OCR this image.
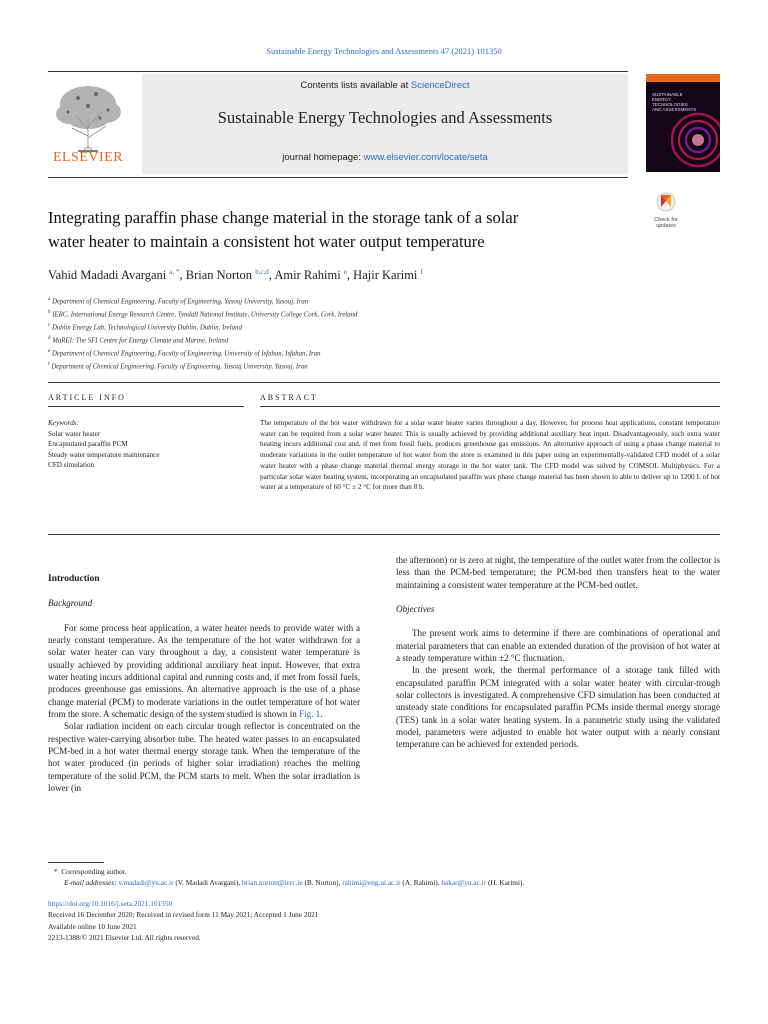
Sustainable Energy Technologies and Assessments 47 (2021) 101350
ELSEVIER
Contents lists available at ScienceDirect
Sustainable Energy Technologies and Assessments
journal homepage: www.elsevier.com/locate/seta
SUSTAINABLE ENERGY TECHNOLOGIES AND ASSESSMENTS
Check for updates
Integrating paraffin phase change material in the storage tank of a solar
water heater to maintain a consistent hot water output temperature
Vahid Madadi Avargani $^{a, *}$, Brian Norton $^{b,c,d}$, Amir Rahimi $^e$, Hajir Karimi $^f$
$^a$ Department of Chemical Engineering, Faculty of Engineering, Yasouj University, Yasouj, Iran
$^b$ IERC, International Energy Research Centre, Tyndall National Institute, University College Cork, Cork, Ireland
$^c$ Dublin Energy Lab, Technological University Dublin, Dublin, Ireland
$^d$ MaREI: The SFI Centre for Energy Climate and Marine, Ireland
$^e$ Department of Chemical Engineering, Faculty of Engineering, University of Isfahan, Isfahan, Iran
$^f$ Department of Chemical Engineering, Faculty of Engineering, Yasouj University, Yasouj, Iran
ARTICLE INFO	ABSTRACT
Keywords:
Solar water heater
Encapsulated paraffin PCM
Steady water temperature maintenance
CFD simulation
The temperature of the hot water withdrawn for a solar water heater varies throughout a day. However, for process heat applications, constant temperature water can be required from a solar water heater. This is usually achieved by providing additional auxiliary heat input. Disadvantageously, such extra water heating incurs additional cost and, if met from fossil fuels, produces greenhouse gas emissions. An alternative approach of using a phase change material to moderate variations in the outlet temperature of hot water from the store is examined in this paper using an experimentally-validated CFD model of a solar water heater with a phase change material thermal energy storage in the hot water tank. The CFD model was solved by COMSOL Multiphysics. For a particular solar water heating system, incorporating an encapsulated paraffin wax phase change material has been shown to able to deliver up to 1200 L of hot water at a temperature of 60 °C ± 2 °C for more than 8 h.
Introduction
Background

For some process heat application, a water heater needs to provide water with a nearly constant temperature. As the temperature of the hot water withdrawn for a solar water heater can vary throughout a day, a consistent water temperature is usually achieved by providing additional auxiliary heat input. However, that extra water heating incurs additional capital and running costs and, if met from fossil fuels, produces greenhouse gas emissions. An alternative approach is the use of a phase change material (PCM) to moderate variations in the outlet temperature of hot water from the store. A schematic design of the system studied is shown in Fig. 1.

Solar radiation incident on each circular trough reflector is concentrated on the respective water-carrying absorber tube. The heated water passes to an encapsulated PCM-bed in a hot water thermal energy storage tank. When the temperature of the hot water produced (in periods of higher solar irradiation) reaches the melting temperature of the solid PCM, the PCM starts to melt. When the solar irradiation is lower (in

the afternoon) or is zero at night, the temperature of the outlet water from the collector is less than the PCM-bed temperature; the PCM-bed then transfers heat to the water maintaining a consistent water temperature at the PCM-bed outlet.

Objectives

The present work aims to determine if there are combinations of operational and material parameters that can enable an extended duration of the provision of hot water at a steady temperature within ±2 °C fluctuation.

In the present work, the thermal performance of a storage tank filled with encapsulated paraffin PCM integrated with a solar water heater with circular-trough solar collectors is investigated. A comprehensive CFD simulation has been conducted at unsteady state conditions for encapsulated paraffin PCMs inside thermal energy storage (TES) tank in a solar water heating system. In a parametric study using the validated model, parameters were adjusted to enable hot water output with a nearly constant temperature can be achieved for extended periods.

* Corresponding author.
E-mail addresses: v.madadi@yu.ac.ir (V. Madadi Avargani), brian.norton@ierc.ie (B. Norton), rahimi@eng.ui.ac.ir (A. Rahimi), hakar@yu.ac.ir (H. Karimi).
https://doi.org/10.1016/j.seta.2021.101350
Received 16 December 2020; Received in revised form 11 May 2021; Accepted 1 June 2021
Available online 10 June 2021
2213-1388/© 2021 Elsevier Ltd. All rights reserved.
